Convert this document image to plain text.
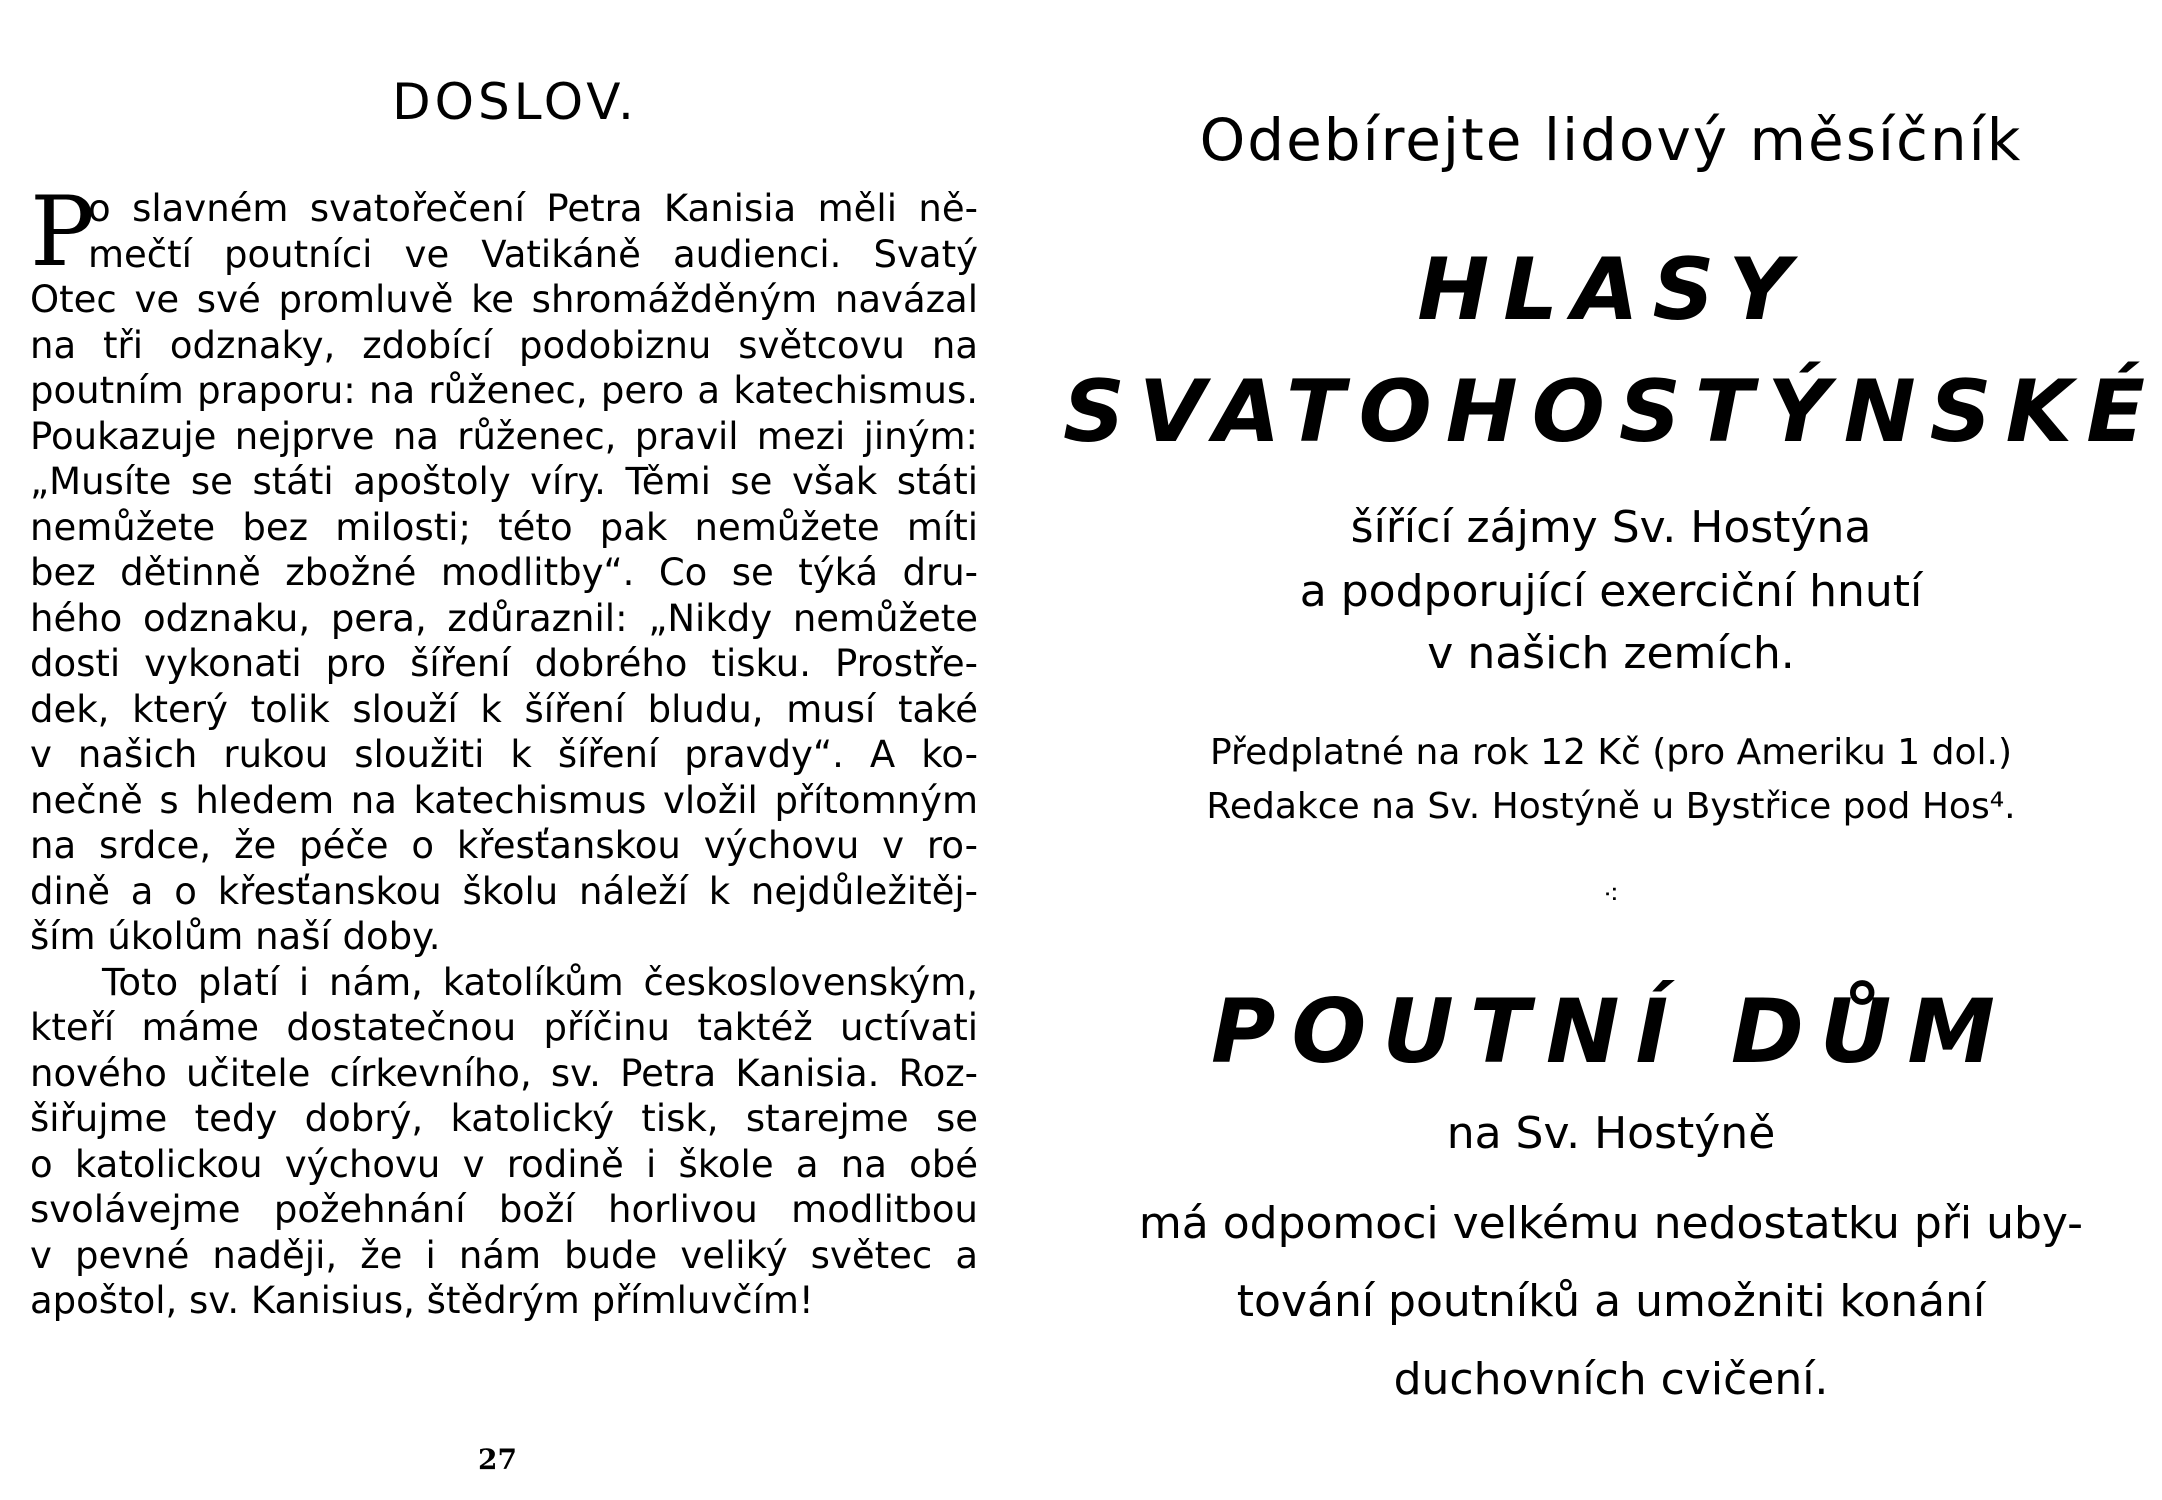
DOSLOV.
P
o slavném svatořečení Petra Kanisia měli ně-
mečtí poutníci ve Vatikáně audienci. Svatý
Otec ve své promluvě ke shromážděným navázal
na tři odznaky, zdobící podobiznu světcovu na
poutním praporu: na růženec, pero a katechismus.
Poukazuje nejprve na růženec, pravil mezi jiným:
„Musíte se státi apoštoly víry. Těmi se však státi
nemůžete bez milosti; této pak nemůžete míti
bez dětinně zbožné modlitby“. Co se týká dru-
hého odznaku, pera, zdůraznil: „Nikdy nemůžete
dosti vykonati pro šíření dobrého tisku. Prostře-
dek, který tolik slouží k šíření bludu, musí také
v našich rukou sloužiti k šíření pravdy“. A ko-
nečně s hledem na katechismus vložil přítomným
na srdce, že péče o křesťanskou výchovu v ro-
dině a o křesťanskou školu náleží k nejdůležitěj-
ším úkolům naší doby.
Toto platí i nám, katolíkům československým,
kteří máme dostatečnou příčinu taktéž uctívati
nového učitele církevního, sv. Petra Kanisia. Roz-
šiřujme tedy dobrý, katolický tisk, starejme se
o katolickou výchovu v rodině i škole a na obé
svolávejme požehnání boží horlivou modlitbou
v pevné naději, že i nám bude veliký světec a
apoštol, sv. Kanisius, štědrým přímluvčím!
27
Odebírejte lidový měsíčník
HLASY
SVATOHOSTÝNSKÉ
šířící zájmy Sv. Hostýna
a podporující exerciční hnutí
v našich zemích.
Předplatné na rok 12 Kč (pro Ameriku 1 dol.)
Redakce na Sv. Hostýně u Bystřice pod Hos⁴.
⁖
POUTNÍ DŮM
na Sv. Hostýně
má odpomoci velkému nedostatku při uby-
tování poutníků a umožniti konání
duchovních cvičení.
